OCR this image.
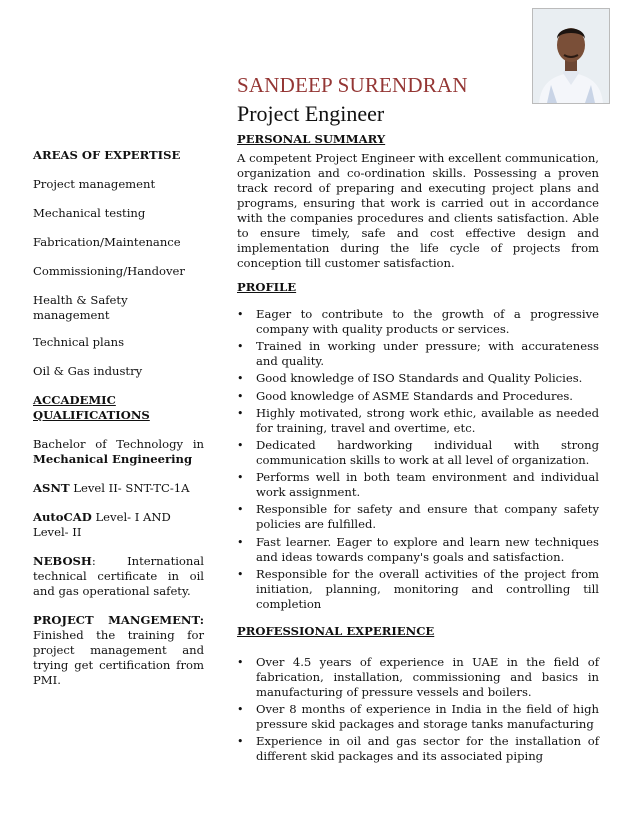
SANDEEP SURENDRAN
Project Engineer
AREAS OF EXPERTISE
Project management
Mechanical testing
Fabrication/Maintenance
Commissioning/Handover
Health & Safety management
Technical plans
Oil & Gas industry
ACCADEMIC QUALIFICATIONS
Bachelor of Technology in
Mechanical Engineering
ASNT Level II- SNT-TC-1A
AutoCAD Level- I AND Level- II
NEBOSH: International technical certificate in oil and gas operational safety.
PROJECT MANGEMENT:
Finished the training for project management and trying get certification from PMI.
PERSONAL SUMMARY
A competent Project Engineer with excellent communication, organization and co-ordination skills. Possessing a proven track record of preparing and executing project plans and programs, ensuring that work is carried out in accordance with the companies procedures and clients satisfaction. Able to ensure timely, safe and cost effective design and implementation during the life cycle of projects from conception till customer satisfaction.
PROFILE
• Eager to contribute to the growth of a progressive company with quality products or services.
• Trained in working under pressure; with accurateness and quality.
• Good knowledge of ISO Standards and Quality Policies.
• Good knowledge of ASME Standards and Procedures.
• Highly motivated, strong work ethic, available as needed for training, travel and overtime, etc.
• Dedicated hardworking individual with strong communication skills to work at all level of organization.
• Performs well in both team environment and individual work assignment.
• Responsible for safety and ensure that company safety policies are fulfilled.
• Fast learner. Eager to explore and learn new techniques and ideas towards company's goals and satisfaction.
• Responsible for the overall activities of the project from initiation, planning, monitoring and controlling till completion
PROFESSIONAL EXPERIENCE
• Over 4.5 years of experience in UAE in the field of fabrication, installation, commissioning and basics in manufacturing of pressure vessels and boilers.
• Over 8 months of experience in India in the field of high pressure skid packages and storage tanks manufacturing
• Experience in oil and gas sector for the installation of different skid packages and its associated piping
